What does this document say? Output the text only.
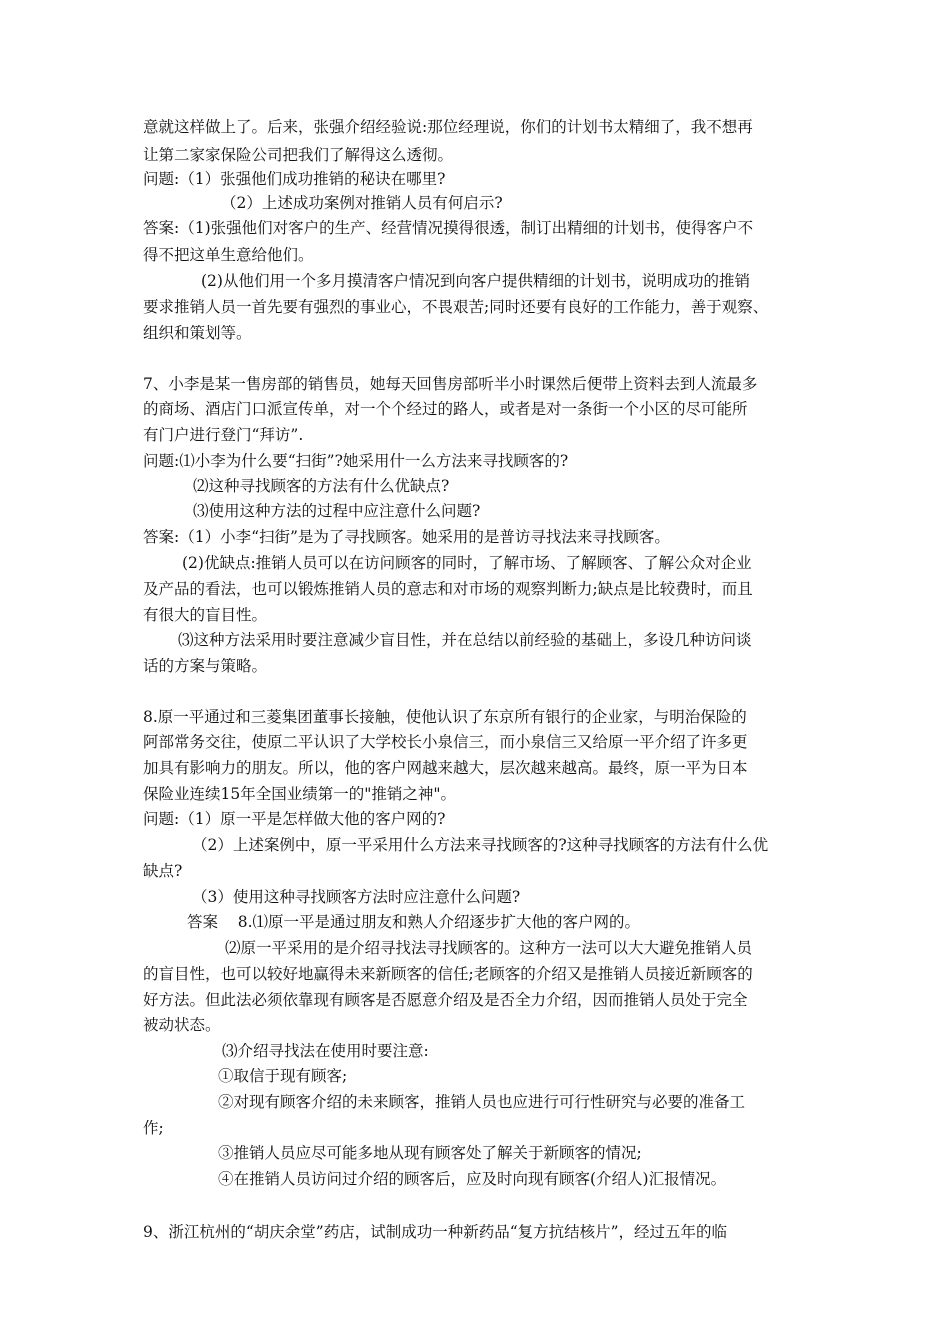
意就这样做上了。后来，张强介绍经验说:那位经理说，你们的计划书太精细了，我不想再
让第二家家保险公司把我们了解得这么透彻。
问题:（1）张强他们成功推销的秘诀在哪里?
（2）上述成功案例对推销人员有何启示?
答案:（1)张强他们对客户的生产、经营情况摸得很透，制订出精细的计划书，使得客户不
得不把这单生意给他们。
(2)从他们用一个多月摸清客户情况到向客户提供精细的计划书，说明成功的推销
要求推销人员一首先要有强烈的事业心，不畏艰苦;同时还要有良好的工作能力，善于观察、
组织和策划等。
7、小李是某一售房部的销售员，她每天回售房部听半小时课然后便带上资料去到人流最多
的商场、酒店门口派宣传单，对一个个经过的路人，或者是对一条街一个小区的尽可能所
有门户进行登门“拜访”.
问题:⑴小李为什么要“扫街”?她采用什一么方法来寻找顾客的?
⑵这种寻找顾客的方法有什么优缺点?
⑶使用这种方法的过程中应注意什么问题?
答案:（1）小李“扫街”是为了寻找顾客。她采用的是普访寻找法来寻找顾客。
(2)优缺点:推销人员可以在访问顾客的同时，了解市场、了解顾客、了解公众对企业
及产品的看法，也可以锻炼推销人员的意志和对市场的观察判断力;缺点是比较费时，而且
有很大的盲目性。
⑶这种方法采用时要注意减少盲目性，并在总结以前经验的基础上，多设几种访问谈
话的方案与策略。
8.原一平通过和三菱集团董事长接触，使他认识了东京所有银行的企业家，与明治保险的
阿部常务交往，使原二平认识了大学校长小泉信三，而小泉信三又给原一平介绍了许多更
加具有影响力的朋友。所以，他的客户网越来越大，层次越来越高。最终，原一平为日本
保险业连续15年全国业绩第一的"推销之神"。
问题:（1）原一平是怎样做大他的客户网的?
（2）上述案例中，原一平采用什么方法来寻找顾客的?这种寻找顾客的方法有什么优
缺点?
（3）使用这种寻找顾客方法时应注意什么问题?
答案    8.⑴原一平是通过朋友和熟人介绍逐步扩大他的客户网的。
⑵原一平采用的是介绍寻找法寻找顾客的。这种方一法可以大大避免推销人员
的盲目性，也可以较好地赢得未来新顾客的信任;老顾客的介绍又是推销人员接近新顾客的
好方法。但此法必须依靠现有顾客是否愿意介绍及是否全力介绍，因而推销人员处于完全
被动状态。
⑶介绍寻找法在使用时要注意:
①取信于现有顾客;
②对现有顾客介绍的未来顾客，推销人员也应进行可行性研究与必要的准备工
作;
③推销人员应尽可能多地从现有顾客处了解关于新顾客的情况;
④在推销人员访问过介绍的顾客后，应及时向现有顾客(介绍人)汇报情况。
9、浙江杭州的“胡庆余堂”药店，试制成功一种新药品“复方抗结核片”，经过五年的临
